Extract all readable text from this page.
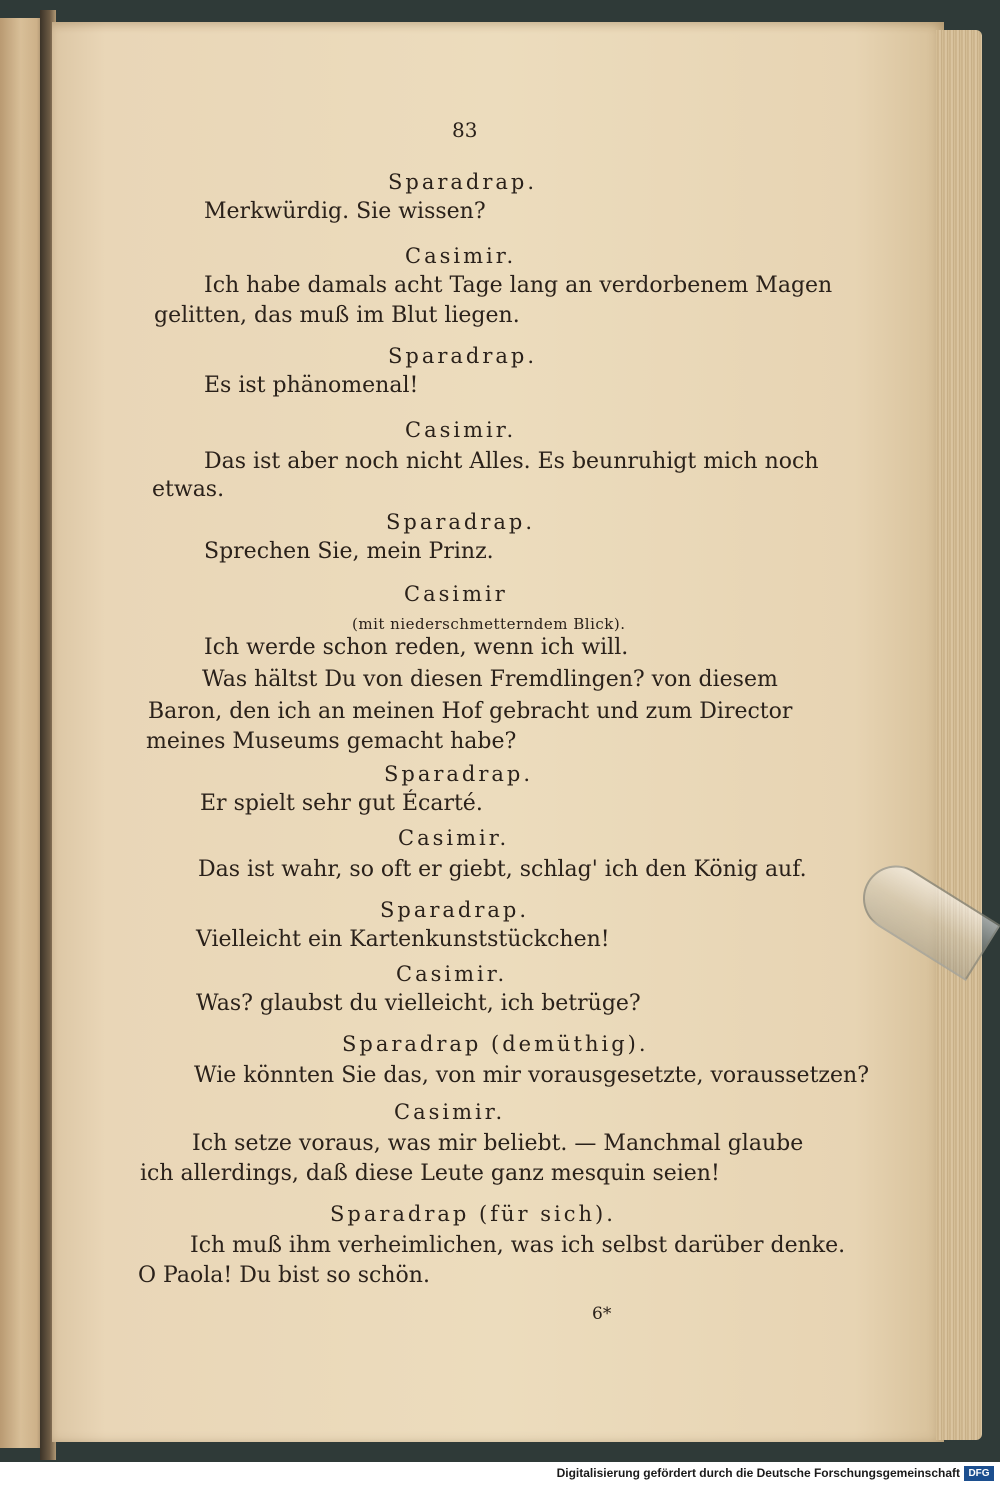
83
Sparadrap.
Merkwürdig. Sie wissen?
Casimir.
Ich habe damals acht Tage lang an verdorbenem Magen
gelitten, das muß im Blut liegen.
Sparadrap.
Es ist phänomenal!
Casimir.
Das ist aber noch nicht Alles. Es beunruhigt mich noch
etwas.
Sparadrap.
Sprechen Sie, mein Prinz.
Casimir
(mit niederschmetterndem Blick).
Ich werde schon reden, wenn ich will.
Was hältst Du von diesen Fremdlingen? von diesem
Baron, den ich an meinen Hof gebracht und zum Director
meines Museums gemacht habe?
Sparadrap.
Er spielt sehr gut Écarté.
Casimir.
Das ist wahr, so oft er giebt, schlag' ich den König auf.
Sparadrap.
Vielleicht ein Kartenkunststückchen!
Casimir.
Was? glaubst du vielleicht, ich betrüge?
Sparadrap (demüthig).
Wie könnten Sie das, von mir vorausgesetzte, voraussetzen?
Casimir.
Ich setze voraus, was mir beliebt. — Manchmal glaube
ich allerdings, daß diese Leute ganz mesquin seien!
Sparadrap (für sich).
Ich muß ihm verheimlichen, was ich selbst darüber denke.
O Paola! Du bist so schön.
6*
Digitalisierung gefördert durch die Deutsche Forschungsgemeinschaft DFG
